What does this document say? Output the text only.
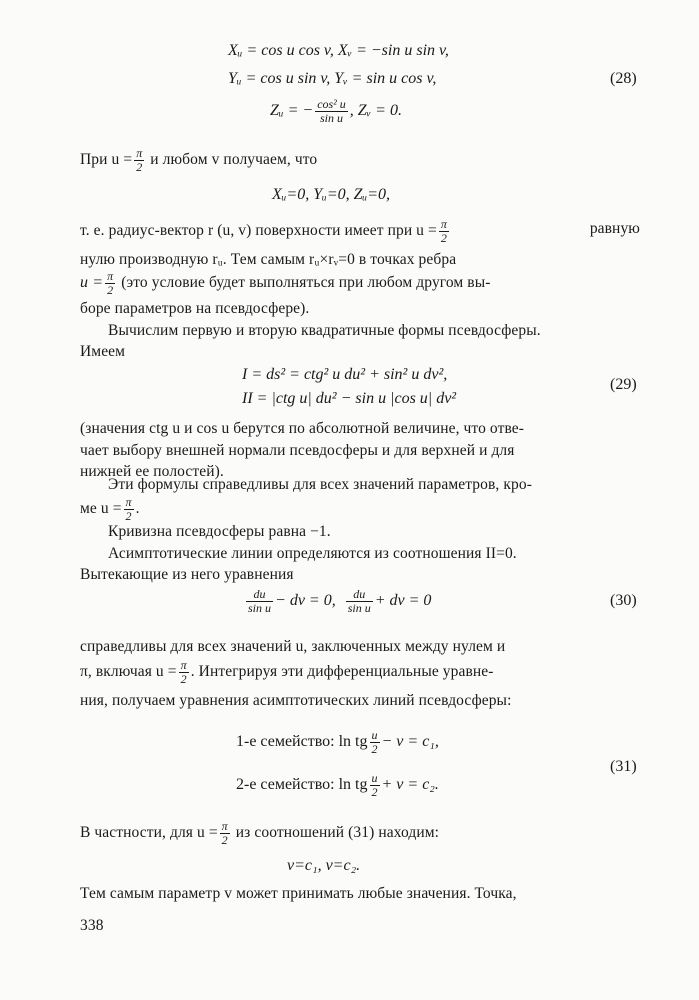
Xᵤ = cos u cos v, Xᵥ = −sin u sin v,
Yᵤ = cos u sin v, Yᵥ = sin u cos v,
Zᵤ = − $\frac{\text{cos² u}}{\text{sin u}}$ , Zᵥ = 0.
(28)
При $u = \frac{\pi}{2}$ и любом v получаем, что
Xᵤ=0, Yᵤ=0, Zᵤ=0,
т. е. радиус-вектор r (u, v) поверхности имеет при $u = \frac{\pi}{2}$	равную
нулю производную rᵤ. Тем самым rᵤ×rᵥ=0 в точках ребра
$u = \frac{\pi}{2} (это$ условие будет выполняться при любом другом вы-
боре параметров на псевдосфере).
Вычислим первую и вторую квадратичные формы псевдосферы.
Имеем
I = ds² = ctg² u du² + sin² u dv²,
II = |ctg u| du² − sin u |cos u| dv²
(29)
(значения ctg u и cos u берутся по абсолютной величине, что отве-
чает выбору внешней нормали псевдосферы и для верхней и для
нижней ее полостей).
Эти формулы справедливы для всех значений параметров, кро-
ме $u = \frac{\pi}{2}$ .
Кривизна псевдосферы равна −1.
Асимптотические линии определяются из соотношения II=0.
Вытекающие из него уравнения
$\frac{du}{\text{sin u}}$ − dv = 0, $\frac{du}{\text{sin u}}$ + dv = 0	(30)
справедливы для всех значений u, заключенных между нулем и
π, включая $u = \frac{\pi}{2}$ . Интегрируя эти дифференциальные уравне-
ния, получаем уравнения асимптотических линий псевдосферы:
1-е семейство: ln tg $\frac{u}{2} - v = c_1$,
2-е семейство: ln tg $\frac{u}{2} + v = c_2$.
(31)
В частности, для $u = \frac{\pi}{2}$ из соотношений (31) находим:
v=c₁, v=c₂.
Тем самым параметр v может принимать любые значения. Точка,
338
